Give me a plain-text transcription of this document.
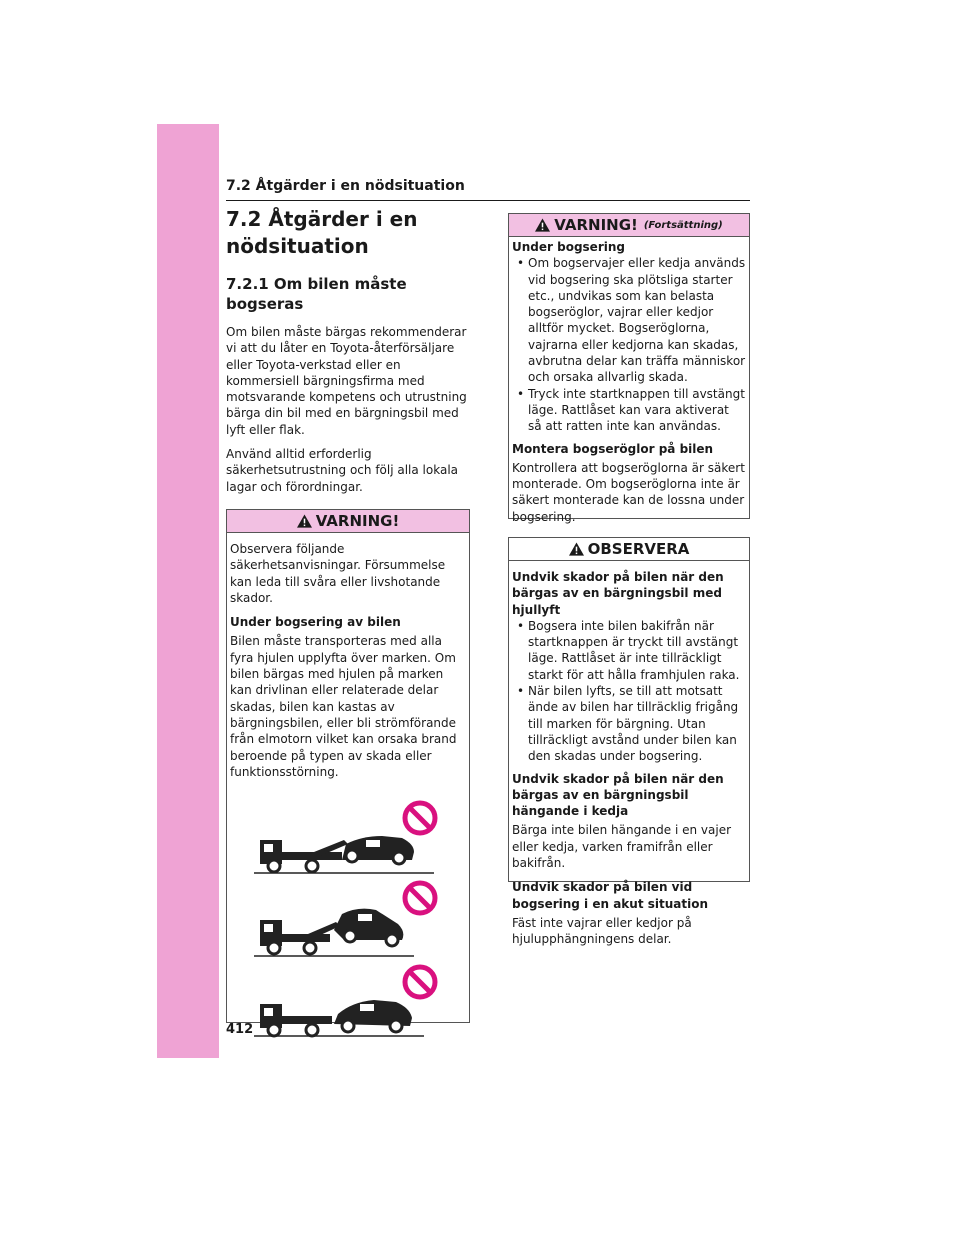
7.2 Åtgärder i en nödsituation
7.2 Åtgärder i en nödsituation
7.2.1 Om bilen måste bogseras

Om bilen måste bärgas rekommenderar vi att du låter en Toyota-återförsäljare eller Toyota-verkstad eller en kommersiell bärgningsfirma med motsvarande kompetens och utrustning bärga din bil med en bärgningsbil med lyft eller flak.

Använd alltid erforderlig säkerhetsutrustning och följ alla lokala lagar och förordningar.

VARNING!

Observera följande säkerhetsanvisningar. Försummelse kan leda till svåra eller livshotande skador.

Under bogsering av bilen

Bilen måste transporteras med alla fyra hjulen upplyfta över marken. Om bilen bärgas med hjulen på marken kan drivlinan eller relaterade delar skadas, bilen kan kastas av bärgningsbilen, eller bli strömförande från elmotorn vilket kan orsaka brand beroende på typen av skada eller funktionsstörning.

VARNING! (Fortsättning)

Under bogsering

• Om bogservajer eller kedja används vid bogsering ska plötsliga starter etc., undvikas som kan belasta bogseröglor, vajrar eller kedjor alltför mycket. Bogseröglorna, vajrarna eller kedjorna kan skadas, avbrutna delar kan träffa människor och orsaka allvarlig skada.
• Tryck inte startknappen till avstängt läge. Rattlåset kan vara aktiverat så att ratten inte kan användas.

Montera bogseröglor på bilen

Kontrollera att bogseröglorna är säkert monterade. Om bogseröglorna inte är säkert monterade kan de lossna under bogsering.

OBSERVERA

Undvik skador på bilen när den bärgas av en bärgningsbil med hjullyft

• Bogsera inte bilen bakifrån när startknappen är tryckt till avstängt läge. Rattlåset är inte tillräckligt starkt för att hålla framhjulen raka.
• När bilen lyfts, se till att motsatt ände av bilen har tillräcklig frigång till marken för bärgning. Utan tillräckligt avstånd under bilen kan den skadas under bogsering.

Undvik skador på bilen när den bärgas av en bärgningsbil hängande i kedja

Bärga inte bilen hängande i en vajer eller kedja, varken framifrån eller bakifrån.

Undvik skador på bilen vid bogsering i en akut situation

Fäst inte vajrar eller kedjor på hjulupphängningens delar.

412
